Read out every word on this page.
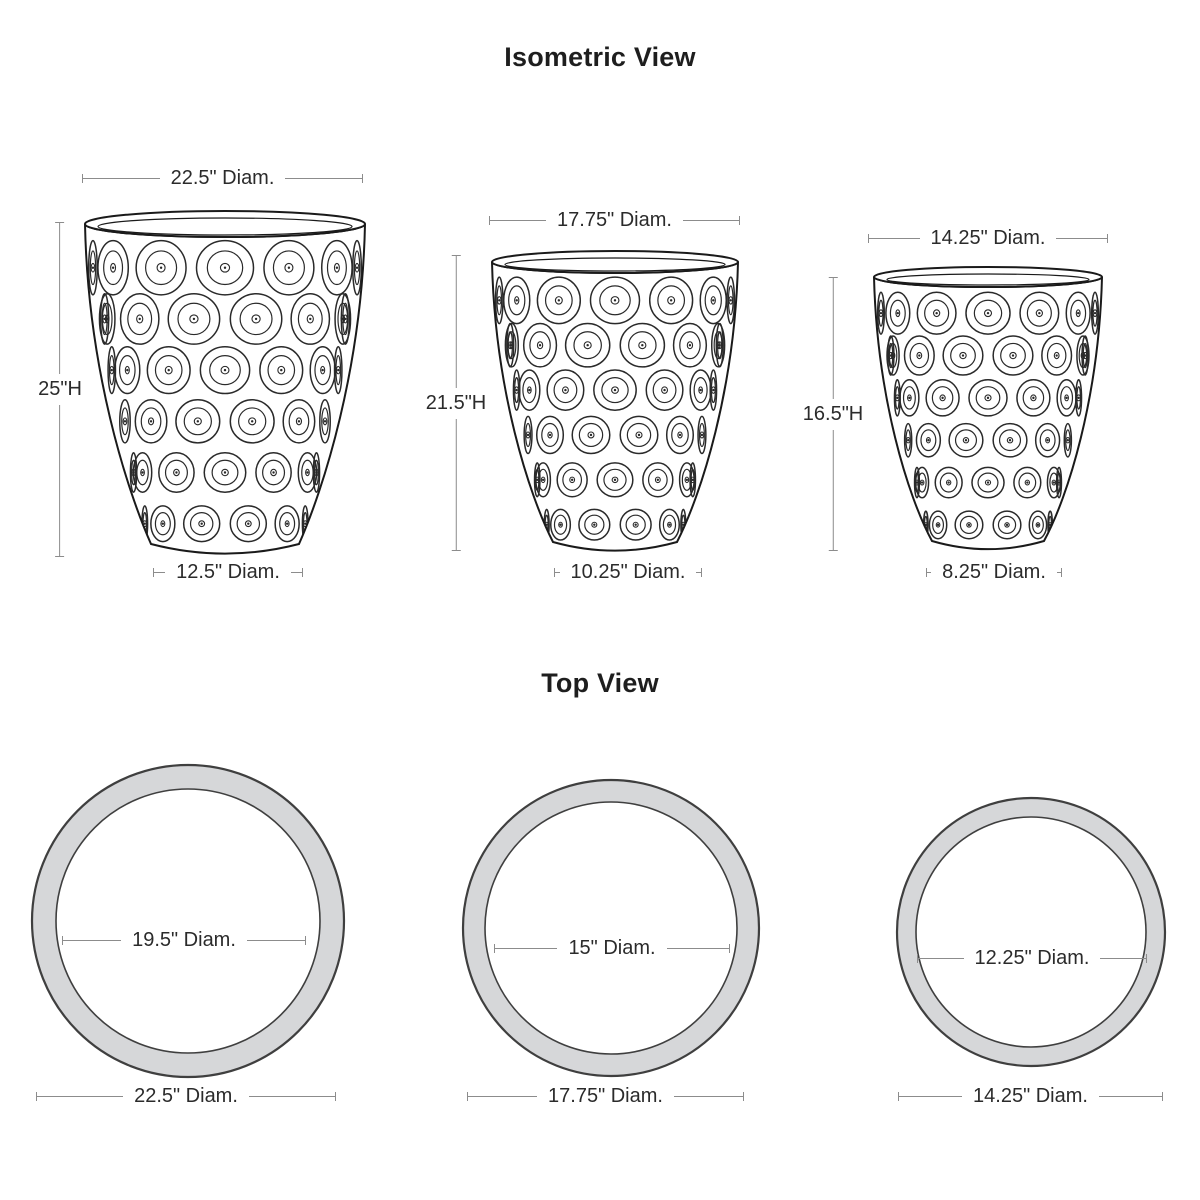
Isometric View
Top View
22.5" Diam.
17.75" Diam.
14.25" Diam.
25"H
21.5"H	16.5"H
12.5" Diam.	10.25" Diam.	8.25" Diam.
19.5" Diam.	15" Diam.	12.25" Diam.
22.5" Diam.	17.75" Diam.	14.25" Diam.
